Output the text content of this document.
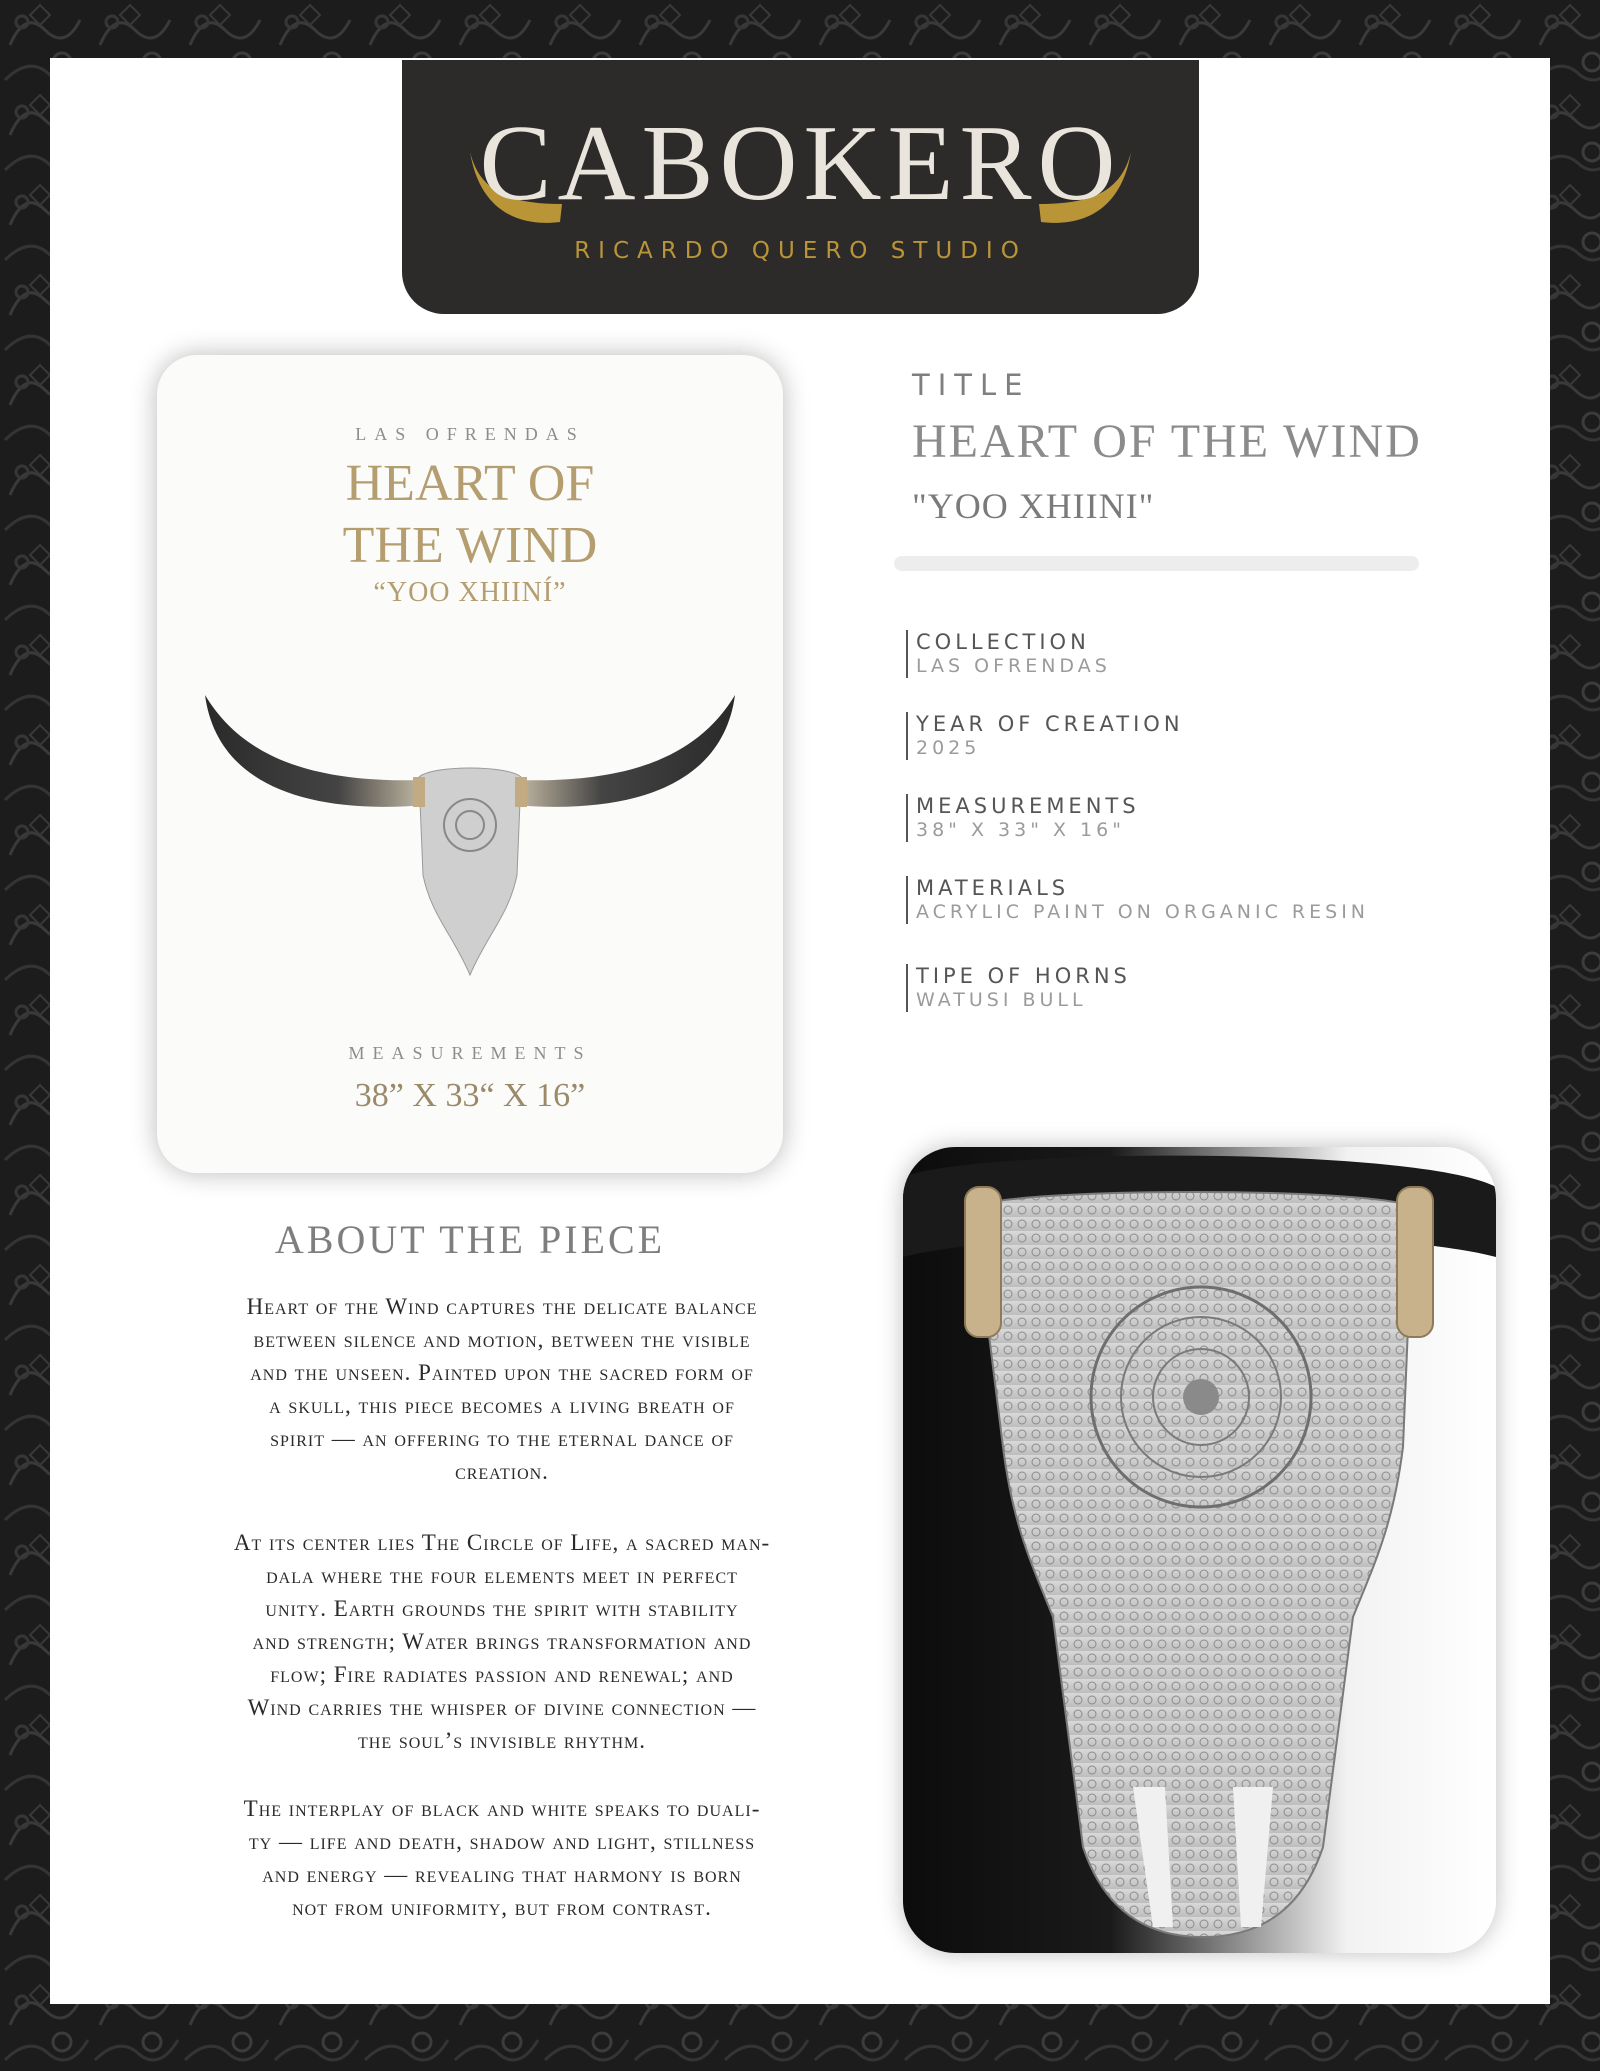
CABOKERO
RICARDO QUERO STUDIO
LAS OFRENDAS
HEART OF
THE WIND
“YOO XHIINÍ”
MEASUREMENTS
38” X 33“ X 16”
TITLE
HEART OF THE WIND
"YOO XHIINI"
COLLECTION
LAS OFRENDAS
YEAR OF CREATION
2025
MEASUREMENTS
38" X 33" X 16"
MATERIALS
ACRYLIC PAINT ON ORGANIC RESIN
TIPE OF HORNS
WATUSI BULL
ABOUT THE PIECE
Heart of the Wind captures the delicate balance
between silence and motion, between the visible
and the unseen. Painted upon the sacred form of
a skull, this piece becomes a living breath of
spirit — an offering to the eternal dance of
creation.
At its center lies The Circle of Life, a sacred man-
dala where the four elements meet in perfect
unity. Earth grounds the spirit with stability
and strength; Water brings transformation and
flow; Fire radiates passion and renewal; and
Wind carries the whisper of divine connection —
the soul’s invisible rhythm.
The interplay of black and white speaks to duali-
ty — life and death, shadow and light, stillness
and energy — revealing that harmony is born
not from uniformity, but from contrast.
